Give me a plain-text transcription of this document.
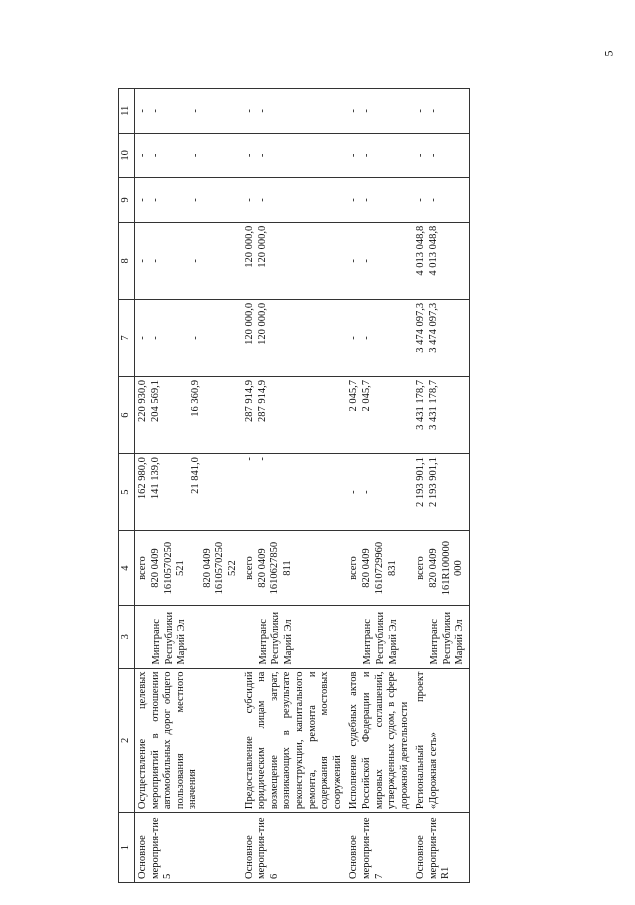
5
1	2	3	4	5	6	7	8	9	10	11
Основное мероприя-тие 5	Осуществление целевых мероприятий в отношении автомобильных дорог общего пользования местного значения	Минтранс Республики Марий Эл	всего 820 0409 1610570250 521 820 0409 1610570250 522	162 980,0 141 139,0 21 841,0	220 930,0 204 569,1 16 360,9	- - -	- - -	- - -	- - -	- - -

Основное мероприя-тие 6	Предоставление субсидий юридическим лицам на возмещение затрат, возникающих в результате реконструкции, капитального ремонта, ремонта и содержания мостовых сооружений	Минтранс Республики Марий Эл	всего 820 0409 1610627850 811	- -	287 914,9 287 914,9	120 000,0 120 000,0	120 000,0 120 000,0	- -	- -	- -

Основное мероприя-тие 7	Исполнение судебных актов Российской Федерации и мировых соглашений, утвержденных судом, в сфере дорожной деятельности	Минтранс Республики Марий Эл	всего 820 0409 1610729960 831	- -	2 045,7 2 045,7	- -	- -	- -	- -	- -

Основное мероприя-тие R1	Региональный проект «Дорожная сеть»	Минтранс Республики Марий Эл	всего 820 0409 161R100000 000	2 193 901,1 2 193 901,1	3 431 178,7 3 431 178,7	3 474 097,3 3 474 097,3	4 013 048,8 4 013 048,8	- -	- -	- -
